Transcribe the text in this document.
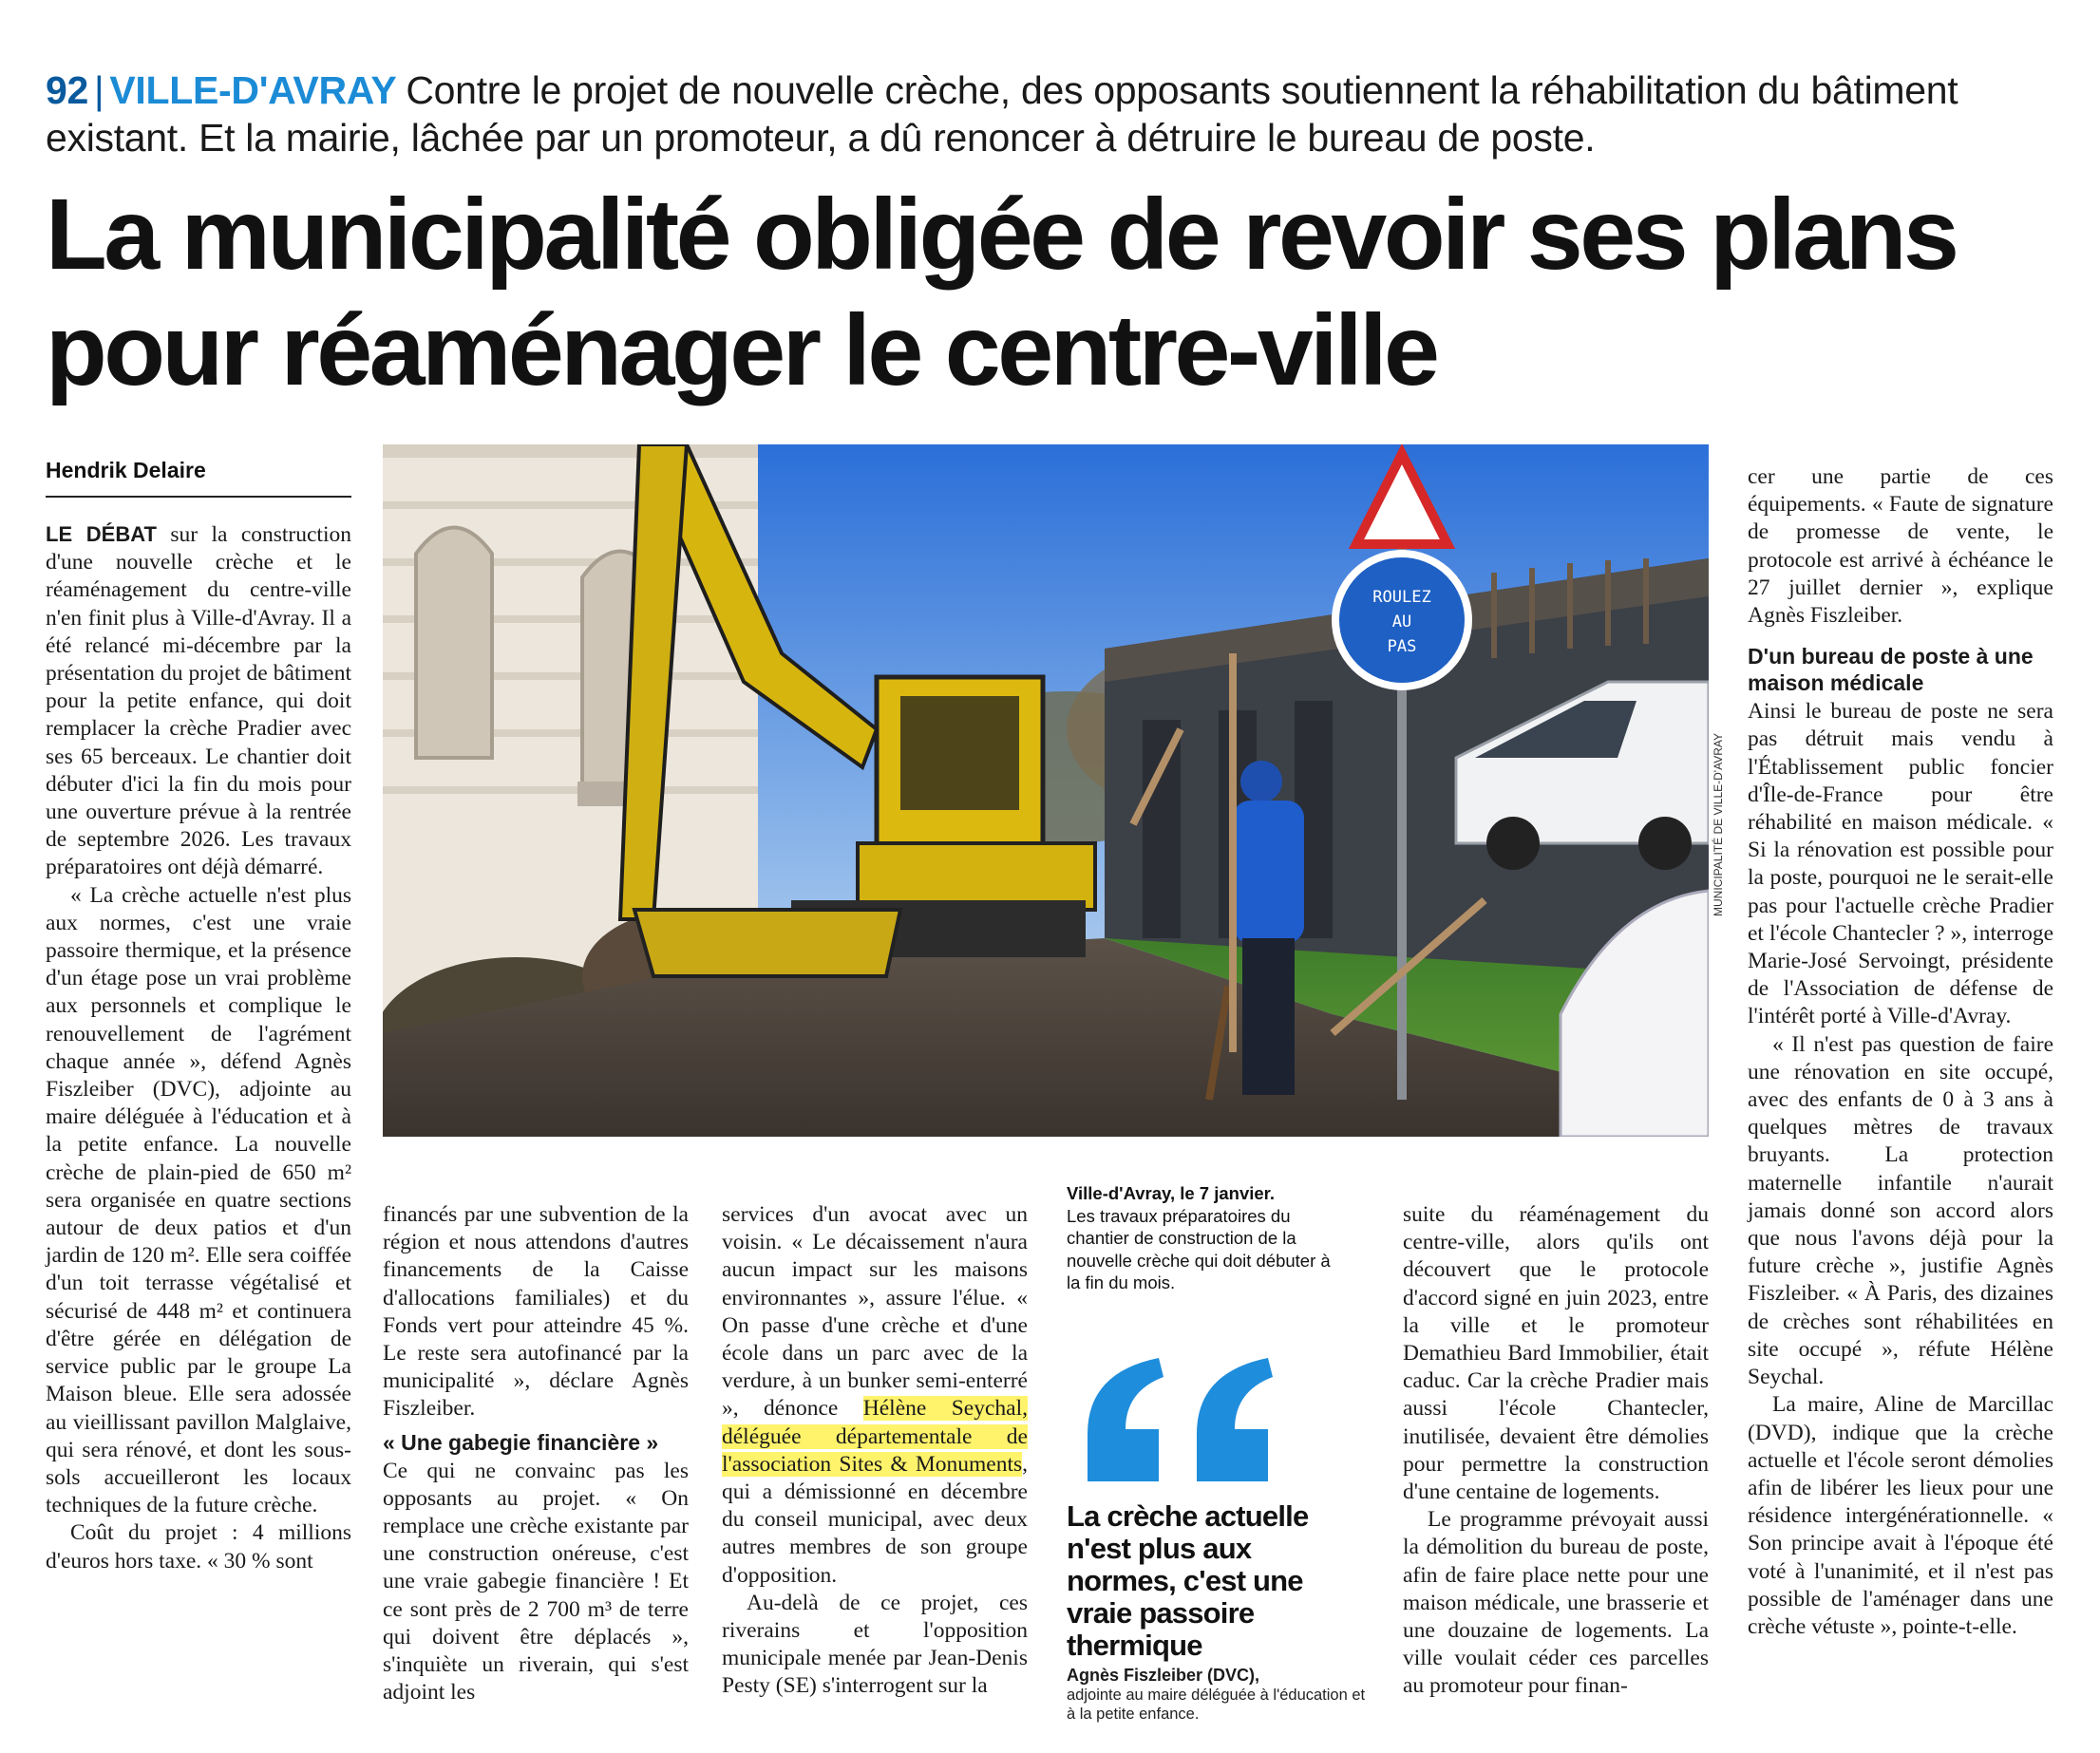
92 | VILLE-D'AVRAY Contre le projet de nouvelle crèche, des opposants soutiennent la réhabilitation du bâtiment existant. Et la mairie, lâchée par un promoteur, a dû renoncer à détruire le bureau de poste.
La municipalité obligée de revoir ses plans pour réaménager le centre-ville
Hendrik Delaire

LE DÉBAT sur la construction d'une nouvelle crèche et le réaménagement du centre-ville n'en finit plus à Ville-d'Avray. Il a été relancé mi-décembre par la présentation du projet de bâtiment pour la petite enfance, qui doit remplacer la crèche Pradier avec ses 65 berceaux. Le chantier doit débuter d'ici la fin du mois pour une ouverture prévue à la rentrée de septembre 2026. Les travaux préparatoires ont déjà démarré.

« La crèche actuelle n'est plus aux normes, c'est une vraie passoire thermique, et la présence d'un étage pose un vrai problème aux personnels et complique le renouvellement de l'agrément chaque année », défend Agnès Fiszleiber (DVC), adjointe au maire déléguée à l'éducation et à la petite enfance. La nouvelle crèche de plain-pied de 650 m² sera organisée en quatre sections autour de deux patios et d'un jardin de 120 m². Elle sera coiffée d'un toit terrasse végétalisé et sécurisé de 448 m² et continuera d'être gérée en délégation de service public par le groupe La Maison bleue. Elle sera adossée au vieillissant pavillon Malglaive, qui sera rénové, et dont les sous-sols accueilleront les locaux techniques de la future crèche.

Coût du projet : 4 millions d'euros hors taxe. « 30 % sont

ROULEZ
AU
PAS
MUNICIPALITÉ DE VILLE-D'AVRAY

financés par une subvention de la région et nous attendons d'autres financements de la Caisse d'allocations familiales) et du Fonds vert pour atteindre 45 %. Le reste sera autofinancé par la municipalité », déclare Agnès Fiszleiber.

« Une gabegie financière »

Ce qui ne convainc pas les opposants au projet. « On remplace une crèche existante par une construction onéreuse, c'est une vraie gabegie financière ! Et ce sont près de 2 700 m³ de terre qui doivent être déplacés », s'inquiète un riverain, qui s'est adjoint les

services d'un avocat avec un voisin. « Le décaissement n'aura aucun impact sur les maisons environnantes », assure l'élue. « On passe d'une crèche et d'une école dans un parc avec de la verdure, à un bunker semi-enterré », dénonce Hélène Seychal, déléguée départementale de l'association Sites & Monuments, qui a démissionné en décembre du conseil municipal, avec deux autres membres de son groupe d'opposition.

Au-delà de ce projet, ces riverains et l'opposition municipale menée par Jean-Denis Pesty (SE) s'interrogent sur la

Ville-d'Avray, le 7 janvier.
Les travaux préparatoires du chantier de construction de la nouvelle crèche qui doit débuter à la fin du mois.
La crèche actuelle n'est plus aux normes, c'est une vraie passoire thermique
Agnès Fiszleiber (DVC),
adjointe au maire déléguée à l'éducation et à la petite enfance.

suite du réaménagement du centre-ville, alors qu'ils ont découvert que le protocole d'accord signé en juin 2023, entre la ville et le promoteur Demathieu Bard Immobilier, était caduc. Car la crèche Pradier mais aussi l'école Chantecler, inutilisée, devaient être démolies pour permettre la construction d'une centaine de logements.

Le programme prévoyait aussi la démolition du bureau de poste, afin de faire place nette pour une maison médicale, une brasserie et une douzaine de logements. La ville voulait céder ces parcelles au promoteur pour finan-

cer une partie de ces équipements. « Faute de signature de promesse de vente, le protocole est arrivé à échéance le 27 juillet dernier », explique Agnès Fiszleiber.

D'un bureau de poste à une maison médicale

Ainsi le bureau de poste ne sera pas détruit mais vendu à l'Établissement public foncier d'Île-de-France pour être réhabilité en maison médicale. « Si la rénovation est possible pour la poste, pourquoi ne le serait-elle pas pour l'actuelle crèche Pradier et l'école Chantecler ? », interroge Marie-José Servoingt, présidente de l'Association de défense de l'intérêt porté à Ville-d'Avray.

« Il n'est pas question de faire une rénovation en site occupé, avec des enfants de 0 à 3 ans à quelques mètres de travaux bruyants. La protection maternelle infantile n'aurait jamais donné son accord alors que nous l'avons déjà pour la future crèche », justifie Agnès Fiszleiber. « À Paris, des dizaines de crèches sont réhabilitées en site occupé », réfute Hélène Seychal.

La maire, Aline de Marcillac (DVD), indique que la crèche actuelle et l'école seront démolies afin de libérer les lieux pour une résidence intergénérationnelle. « Son principe avait à l'époque été voté à l'unanimité, et il n'est pas possible de l'aménager dans une crèche vétuste », pointe-t-elle.
